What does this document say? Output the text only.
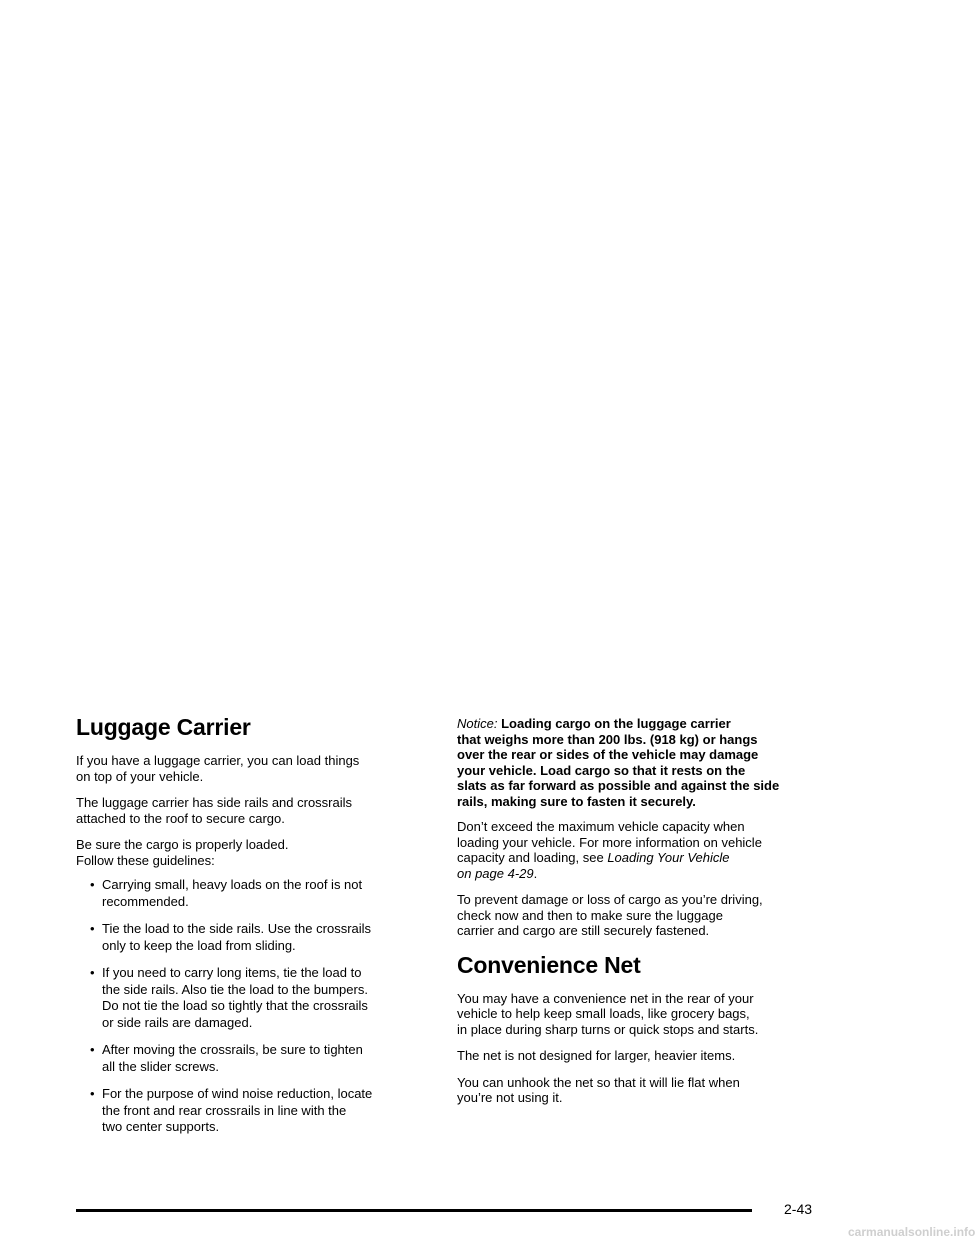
Luggage Carrier

If you have a luggage carrier, you can load things
on top of your vehicle.

The luggage carrier has side rails and crossrails
attached to the roof to secure cargo.

Be sure the cargo is properly loaded.
Follow these guidelines:

• Carrying small, heavy loads on the roof is not
recommended.
• Tie the load to the side rails. Use the crossrails
only to keep the load from sliding.
• If you need to carry long items, tie the load to
the side rails. Also tie the load to the bumpers.
Do not tie the load so tightly that the crossrails
or side rails are damaged.
• After moving the crossrails, be sure to tighten
all the slider screws.
• For the purpose of wind noise reduction, locate
the front and rear crossrails in line with the
two center supports.
Notice: Loading cargo on the luggage carrier
that weighs more than 200 lbs. (918 kg) or hangs
over the rear or sides of the vehicle may damage
your vehicle. Load cargo so that it rests on the
slats as far forward as possible and against the side
rails, making sure to fasten it securely.

Don’t exceed the maximum vehicle capacity when
loading your vehicle. For more information on vehicle
capacity and loading, see Loading Your Vehicle
on page 4-29.

To prevent damage or loss of cargo as you’re driving,
check now and then to make sure the luggage
carrier and cargo are still securely fastened.

Convenience Net

You may have a convenience net in the rear of your
vehicle to help keep small loads, like grocery bags,
in place during sharp turns or quick stops and starts.

The net is not designed for larger, heavier items.

You can unhook the net so that it will lie flat when
you’re not using it.

2-43
carmanualsonline.info
